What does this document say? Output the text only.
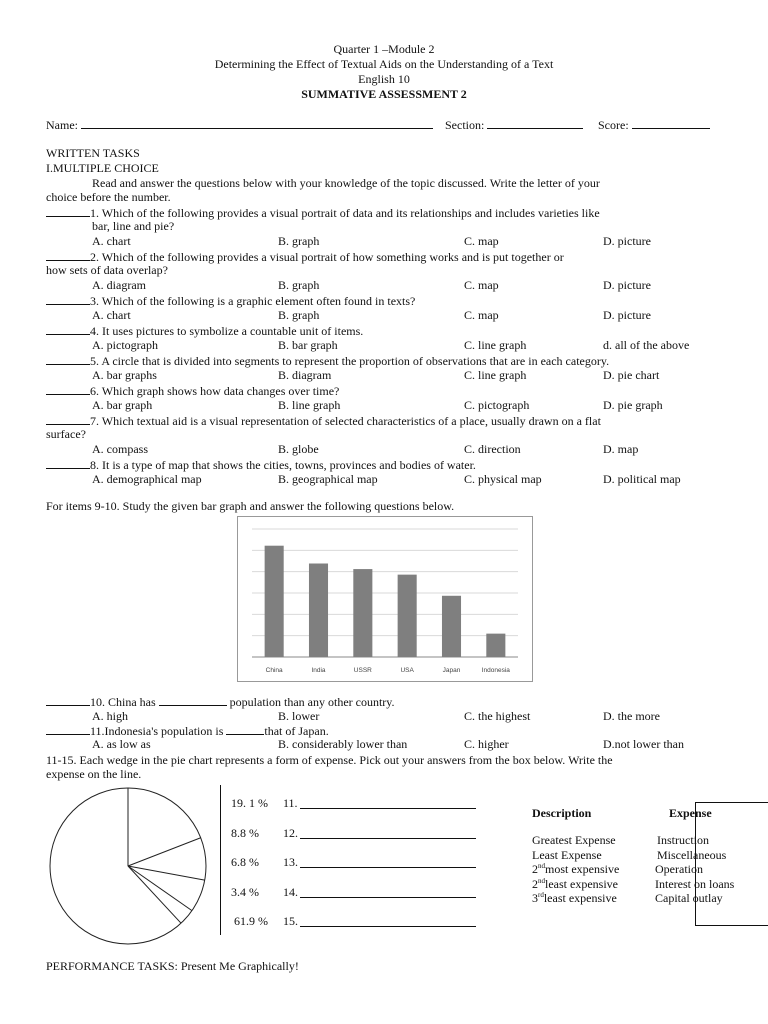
Quarter 1 –Module 2
Determining the Effect of Textual Aids on the Understanding of a Text
English 10
SUMMATIVE ASSESSMENT 2
Name:	Section:	Score:
WRITTEN TASKS
I.MULTIPLE CHOICE
Read and answer the questions below with your knowledge of the topic discussed. Write the letter of your
choice before the number.
1. Which of the following provides a visual portrait of data and its relationships and includes varieties like
bar, line and pie?
A. chart	B. graph	C. map	D. picture
2. Which of the following provides a visual portrait of how something works and is put together or
how sets of data overlap?
A. diagram	B. graph	C. map	D. picture
3. Which of the following is a graphic element often found in texts?
A. chart	B. graph	C. map	D. picture
4. It uses pictures to symbolize a countable unit of items.
A. pictograph	B. bar graph	C. line graph	d. all of the above
5. A circle that is divided into segments to represent the proportion of observations that are in each category.
A. bar graphs	B. diagram	C. line graph	D. pie chart
6. Which graph shows how data changes over time?
A. bar graph	B. line graph	C. pictograph	D. pie graph
7. Which textual aid is a visual representation of selected characteristics of a place, usually drawn on a flat
surface?
A. compass	B. globe	C. direction	D. map
8. It is a type of map that shows the cities, towns, provinces and bodies of water.
A. demographical map	B. geographical map	C. physical map	D. political map
For items 9-10. Study the given bar graph and answer the following questions below.
China	India	USSR	USA	Japan	Indonesia
10. China has	population than any other country.
A. high	B. lower	C. the highest	D. the more
11.Indonesia's population is	that of Japan.
A. as low as	B. considerably lower than	C. higher	D.not lower than
11-15. Each wedge in the pie chart represents a form of expense. Pick out your answers from the box below. Write the
expense on the line.
19. 1 % 11.
8.8 % 12.
6.8 % 13.
3.4 % 14.
61.9 % 15.
Description	Expense
Greatest Expense	Instruction
Least Expense	Miscellaneous
2ndmost expensive	Operation
2ndleast expensive	Interest on loans
3rdleast expensive	Capital outlay
PERFORMANCE TASKS: Present Me Graphically!
